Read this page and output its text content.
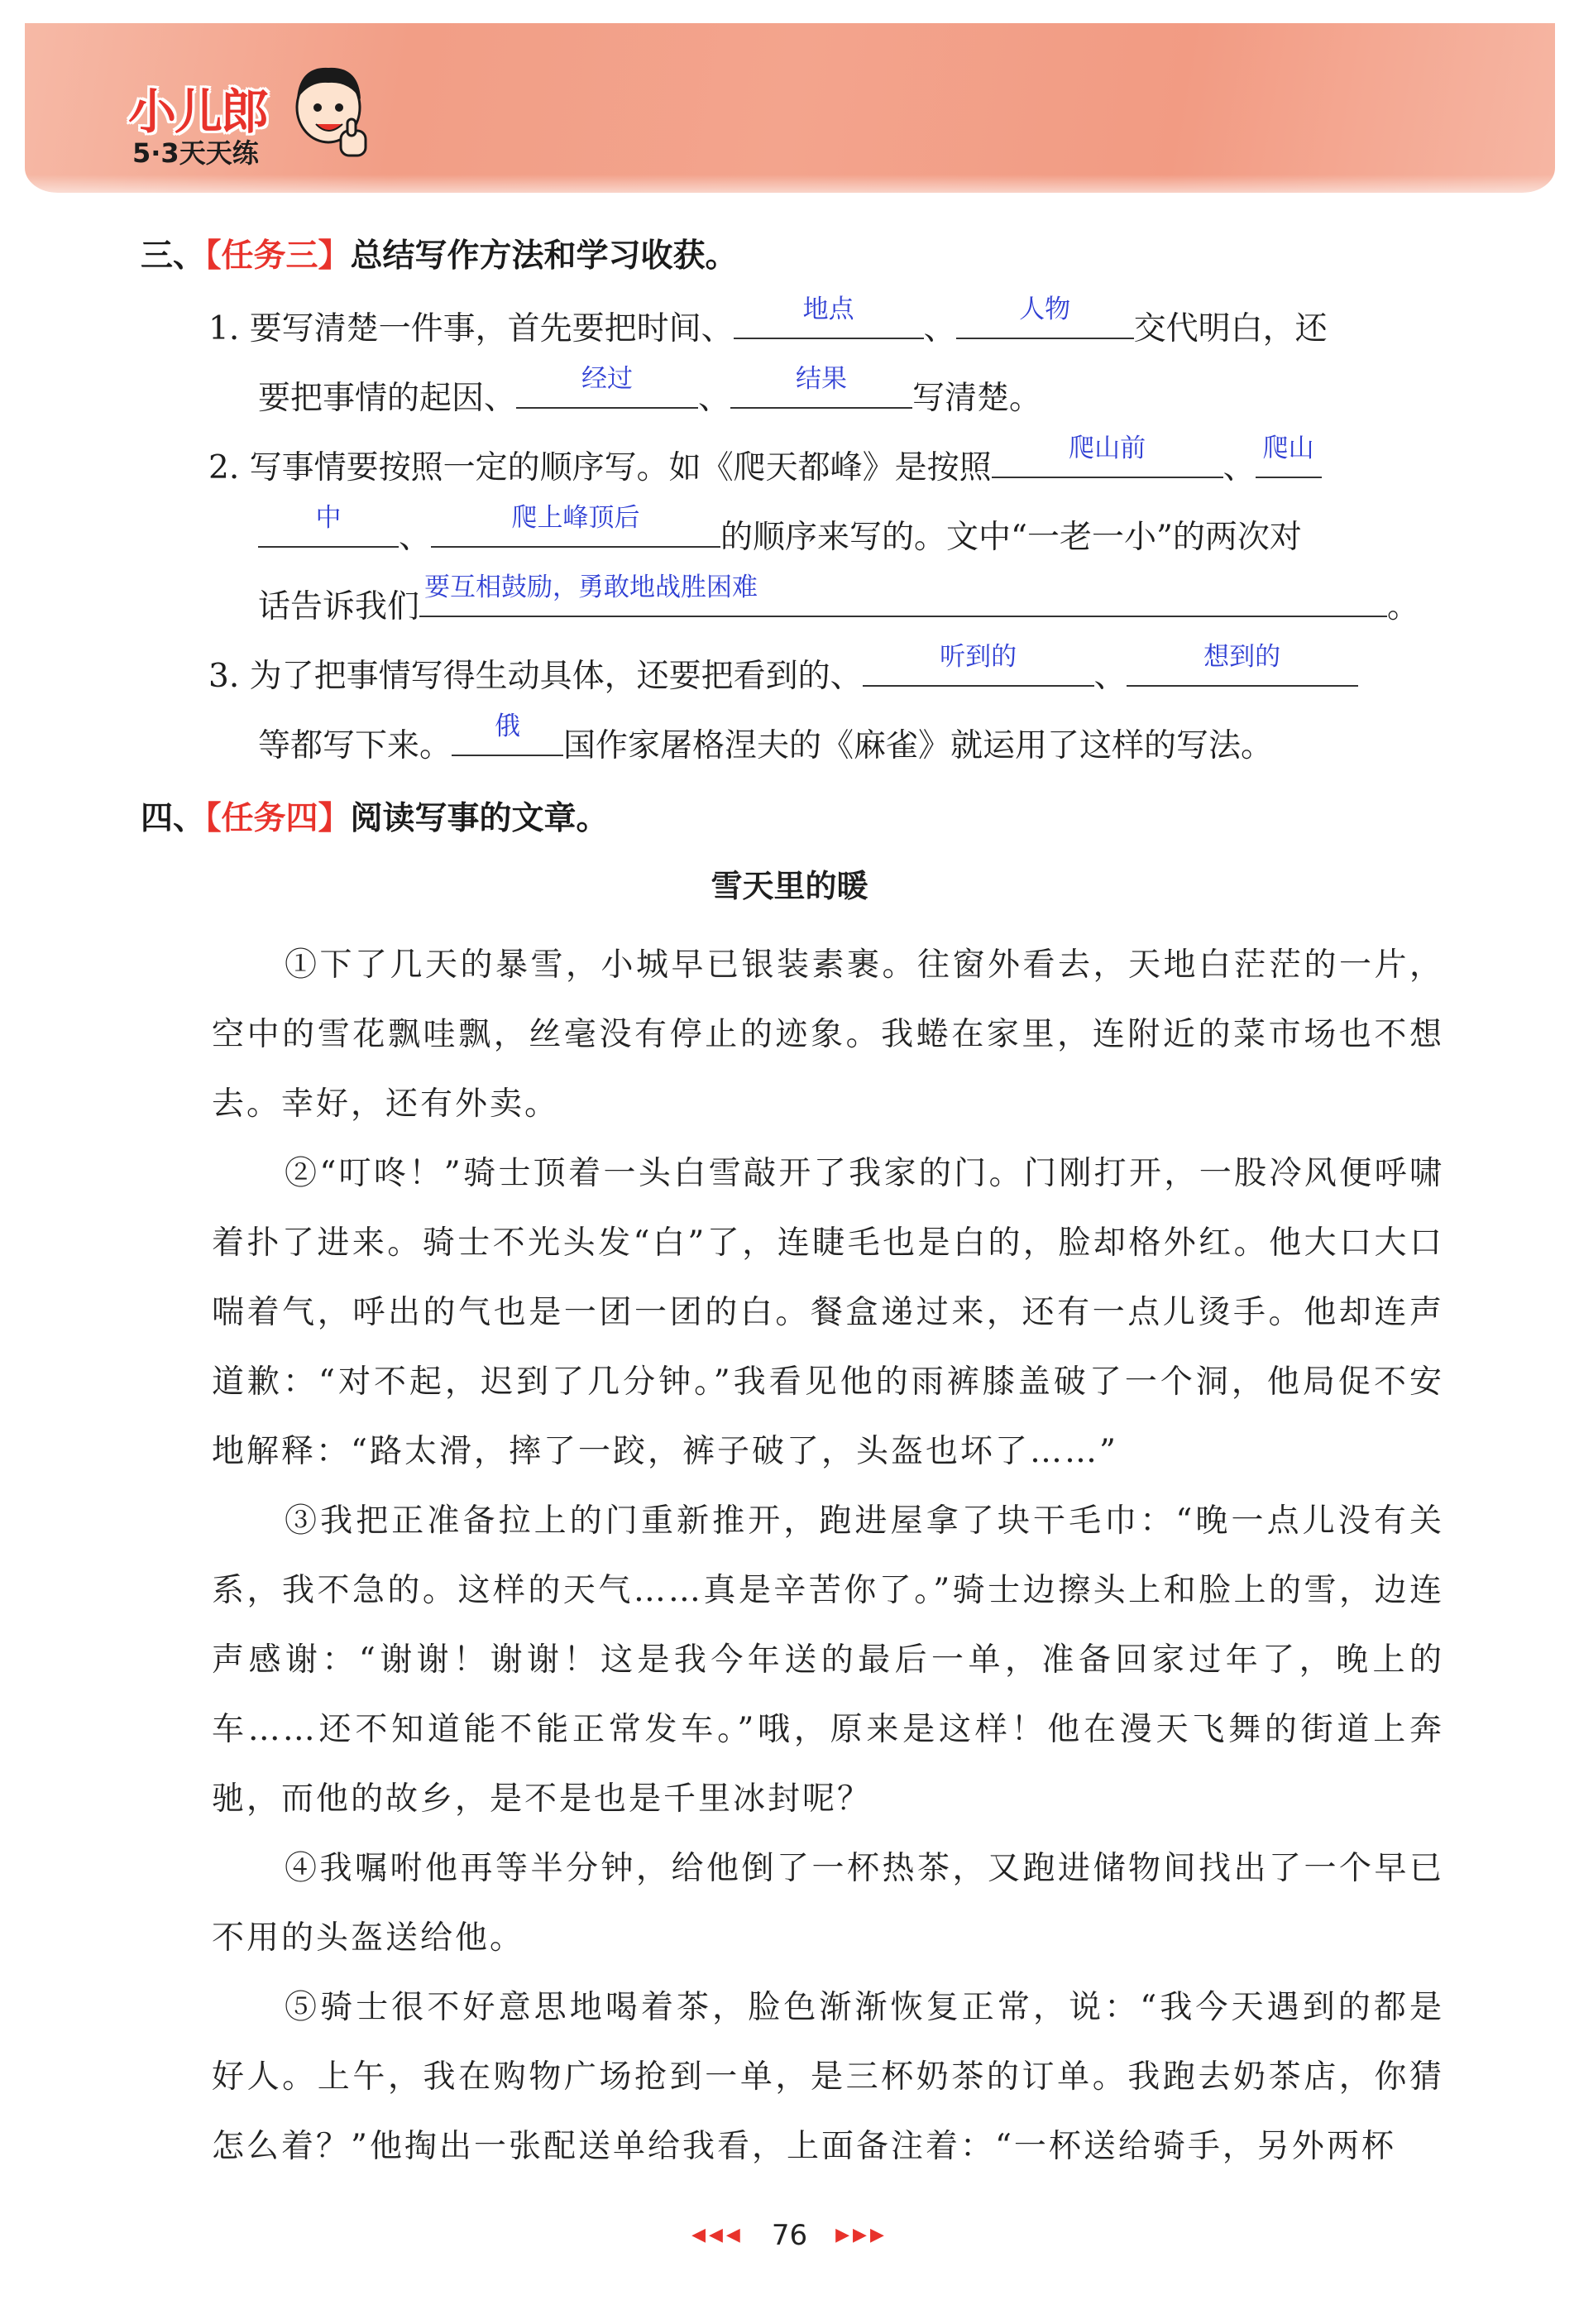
小儿郎
5·3天天练
三、【任务三】总结写作方法和学习收获。
1. 要写清楚一件事，首先要把时间、
地点
、
人物
交代明白，还
要把事情的起因、
经过
、
结果
写清楚。
2. 写事情要按照一定的顺序写。如《爬天都峰》是按照
爬山前
、
爬山
中
、
爬上峰顶后
的顺序来写的。文中“一老一小”的两次对
话告诉我们
要互相鼓励，勇敢地战胜困难
。
3. 为了把事情写得生动具体，还要把看到的、
听到的
、
想到的
等都写下来。
俄
国作家屠格涅夫的《麻雀》就运用了这样的写法。
四、【任务四】阅读写事的文章。
雪天里的暖

①下了几天的暴雪，小城早已银装素裹。往窗外看去，天地白茫茫的一片，空中的雪花飘哇飘，丝毫没有停止的迹象。我蜷在家里，连附近的菜市场也不想去。幸好，还有外卖。

②“叮咚！”骑士顶着一头白雪敲开了我家的门。门刚打开，一股冷风便呼啸着扑了进来。骑士不光头发“白”了，连睫毛也是白的，脸却格外红。他大口大口喘着气，呼出的气也是一团一团的白。餐盒递过来，还有一点儿烫手。他却连声道歉：“对不起，迟到了几分钟。”我看见他的雨裤膝盖破了一个洞，他局促不安地解释：“路太滑，摔了一跤，裤子破了，头盔也坏了……”

③我把正准备拉上的门重新推开，跑进屋拿了块干毛巾：“晚一点儿没有关系，我不急的。这样的天气……真是辛苦你了。”骑士边擦头上和脸上的雪，边连声感谢：“谢谢！谢谢！这是我今年送的最后一单，准备回家过年了，晚上的车……还不知道能不能正常发车。”哦，原来是这样！他在漫天飞舞的街道上奔驰，而他的故乡，是不是也是千里冰封呢？

④我嘱咐他再等半分钟，给他倒了一杯热茶，又跑进储物间找出了一个早已不用的头盔送给他。

⑤骑士很不好意思地喝着茶，脸色渐渐恢复正常，说：“我今天遇到的都是好人。上午，我在购物广场抢到一单，是三杯奶茶的订单。我跑去奶茶店，你猜怎么着？”他掏出一张配送单给我看，上面备注着：“一杯送给骑手，另外两杯

◀◀◀ 76 ▶▶▶
